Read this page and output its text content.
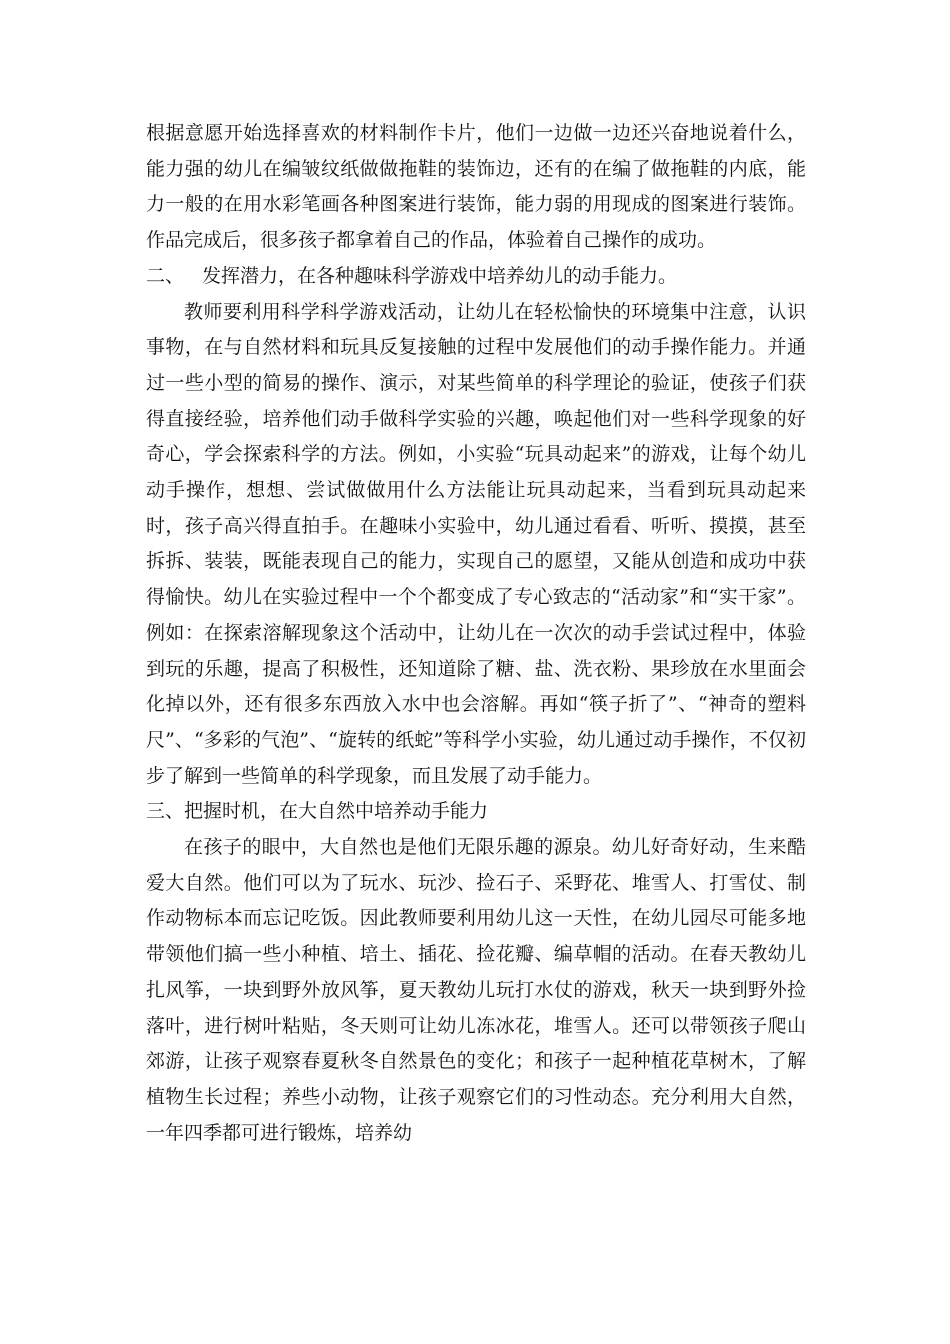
根据意愿开始选择喜欢的材料制作卡片，他们一边做一边还兴奋地说着什么，能力强的幼儿在编皱纹纸做做拖鞋的装饰边，还有的在编了做拖鞋的内底，能力一般的在用水彩笔画各种图案进行装饰，能力弱的用现成的图案进行装饰。作品完成后，很多孩子都拿着自己的作品，体验着自己操作的成功。

二、 发挥潜力，在各种趣味科学游戏中培养幼儿的动手能力。

教师要利用科学科学游戏活动，让幼儿在轻松愉快的环境集中注意，认识事物，在与自然材料和玩具反复接触的过程中发展他们的动手操作能力。并通过一些小型的简易的操作、演示，对某些简单的科学理论的验证，使孩子们获得直接经验，培养他们动手做科学实验的兴趣，唤起他们对一些科学现象的好奇心，学会探索科学的方法。例如，小实验“玩具动起来”的游戏，让每个幼儿动手操作，想想、尝试做做用什么方法能让玩具动起来，当看到玩具动起来时，孩子高兴得直拍手。在趣味小实验中，幼儿通过看看、听听、摸摸，甚至拆拆、装装，既能表现自己的能力，实现自己的愿望，又能从创造和成功中获得愉快。幼儿在实验过程中一个个都变成了专心致志的“活动家”和“实干家”。例如：在探索溶解现象这个活动中，让幼儿在一次次的动手尝试过程中，体验到玩的乐趣，提高了积极性，还知道除了糖、盐、洗衣粉、果珍放在水里面会化掉以外，还有很多东西放入水中也会溶解。再如“筷子折了”、“神奇的塑料尺”、“多彩的气泡”、“旋转的纸蛇”等科学小实验，幼儿通过动手操作，不仅初步了解到一些简单的科学现象，而且发展了动手能力。

三、把握时机，在大自然中培养动手能力

在孩子的眼中，大自然也是他们无限乐趣的源泉。幼儿好奇好动，生来酷爱大自然。他们可以为了玩水、玩沙、捡石子、采野花、堆雪人、打雪仗、制作动物标本而忘记吃饭。因此教师要利用幼儿这一天性，在幼儿园尽可能多地带领他们搞一些小种植、培土、插花、捡花瓣、编草帽的活动。在春天教幼儿扎风筝，一块到野外放风筝，夏天教幼儿玩打水仗的游戏，秋天一块到野外捡落叶，进行树叶粘贴，冬天则可让幼儿冻冰花，堆雪人。还可以带领孩子爬山郊游，让孩子观察春夏秋冬自然景色的变化；和孩子一起种植花草树木，了解植物生长过程；养些小动物，让孩子观察它们的习性动态。充分利用大自然，一年四季都可进行锻炼，培养幼
